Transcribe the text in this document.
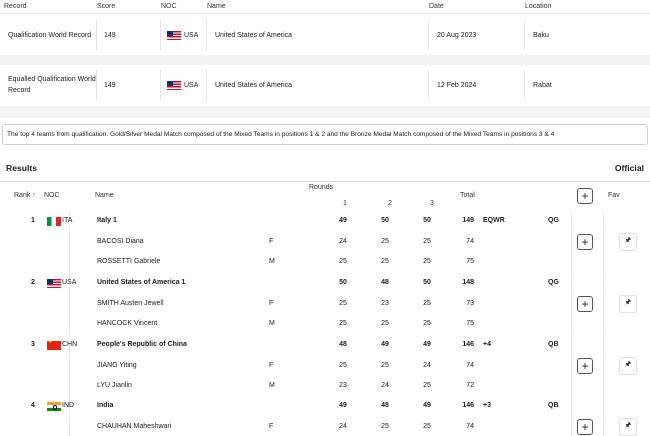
Record	Score	NOC	Name	Date	Location
Qualification World Record	149	USA United States of America	20 Aug 2023	Baku
Equalled Qualification World Record
149	USA United States of America	12 Feb 2024	Rabat
The top 4 teams from qualification. Gold/Silver Medal Match composed of the Mixed Teams in positions 1 & 2 and the Bronze Medal Match composed of the Mixed Teams in positions 3 & 4
Results	Official
Rank ↑ NOC	Name
Rounds
1	2	3
Total	+	Fav
1	ITA	Italy 1	49	50	50	149 EQWR	QG
BACOSI Diana	F	24	25	25	74
ROSSETTI Gabriele	M	25	25	25	75
+	🖈
2	USA	United States of America 1	50	48	50	148	QG
SMITH Austen Jewell	F	25	23	25	73
HANCOCK Vincent	M	25	25	25	75
+	🖈
3
★	CHN	People's Republic of China	48	49	49	146 +4	QB
JIANG Yiting	F	25	25	24	74
LYU Jianlin	M	23	24	25	72
+	🖈
4	IND	India	49	48	49	146 +3	QB
CHAUHAN Maheshwari	F	24	25	25	74	+	🖈
